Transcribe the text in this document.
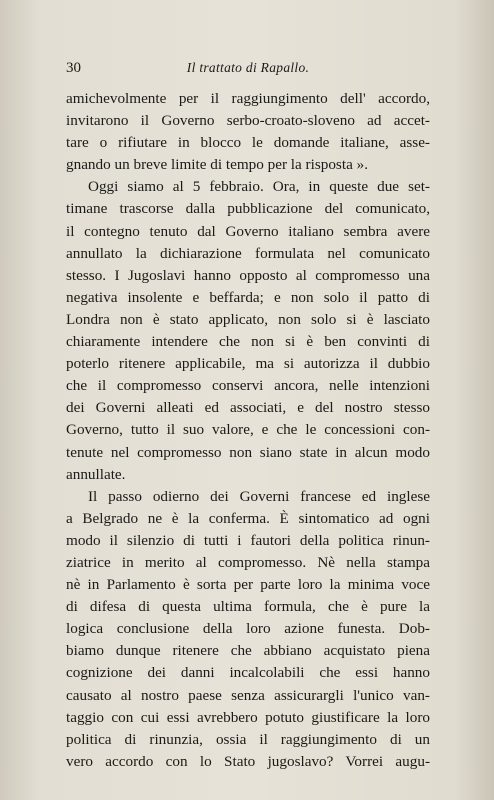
30	Il trattato di Rapallo.
amichevolmente per il raggiungimento dell' accordo,
invitarono il Governo serbo-croato-sloveno ad accet-
tare o rifiutare in blocco le domande italiane, asse-
gnando un breve limite di tempo per la risposta ».
Oggi siamo al 5 febbraio. Ora, in queste due set-
timane trascorse dalla pubblicazione del comunicato,
il contegno tenuto dal Governo italiano sembra avere
annullato la dichiarazione formulata nel comunicato
stesso. I Jugoslavi hanno opposto al compromesso una
negativa insolente e beffarda; e non solo il patto di
Londra non è stato applicato, non solo si è lasciato
chiaramente intendere che non si è ben convinti di
poterlo ritenere applicabile, ma si autorizza il dubbio
che il compromesso conservi ancora, nelle intenzioni
dei Governi alleati ed associati, e del nostro stesso
Governo, tutto il suo valore, e che le concessioni con-
tenute nel compromesso non siano state in alcun modo
annullate.
Il passo odierno dei Governi francese ed inglese
a Belgrado ne è la conferma. È sintomatico ad ogni
modo il silenzio di tutti i fautori della politica rinun-
ziatrice in merito al compromesso. Nè nella stampa
nè in Parlamento è sorta per parte loro la minima voce
di difesa di questa ultima formula, che è pure la
logica conclusione della loro azione funesta. Dob-
biamo dunque ritenere che abbiano acquistato piena
cognizione dei danni incalcolabili che essi hanno
causato al nostro paese senza assicurargli l'unico van-
taggio con cui essi avrebbero potuto giustificare la loro
politica di rinunzia, ossia il raggiungimento di un
vero accordo con lo Stato jugoslavo? Vorrei augu-
